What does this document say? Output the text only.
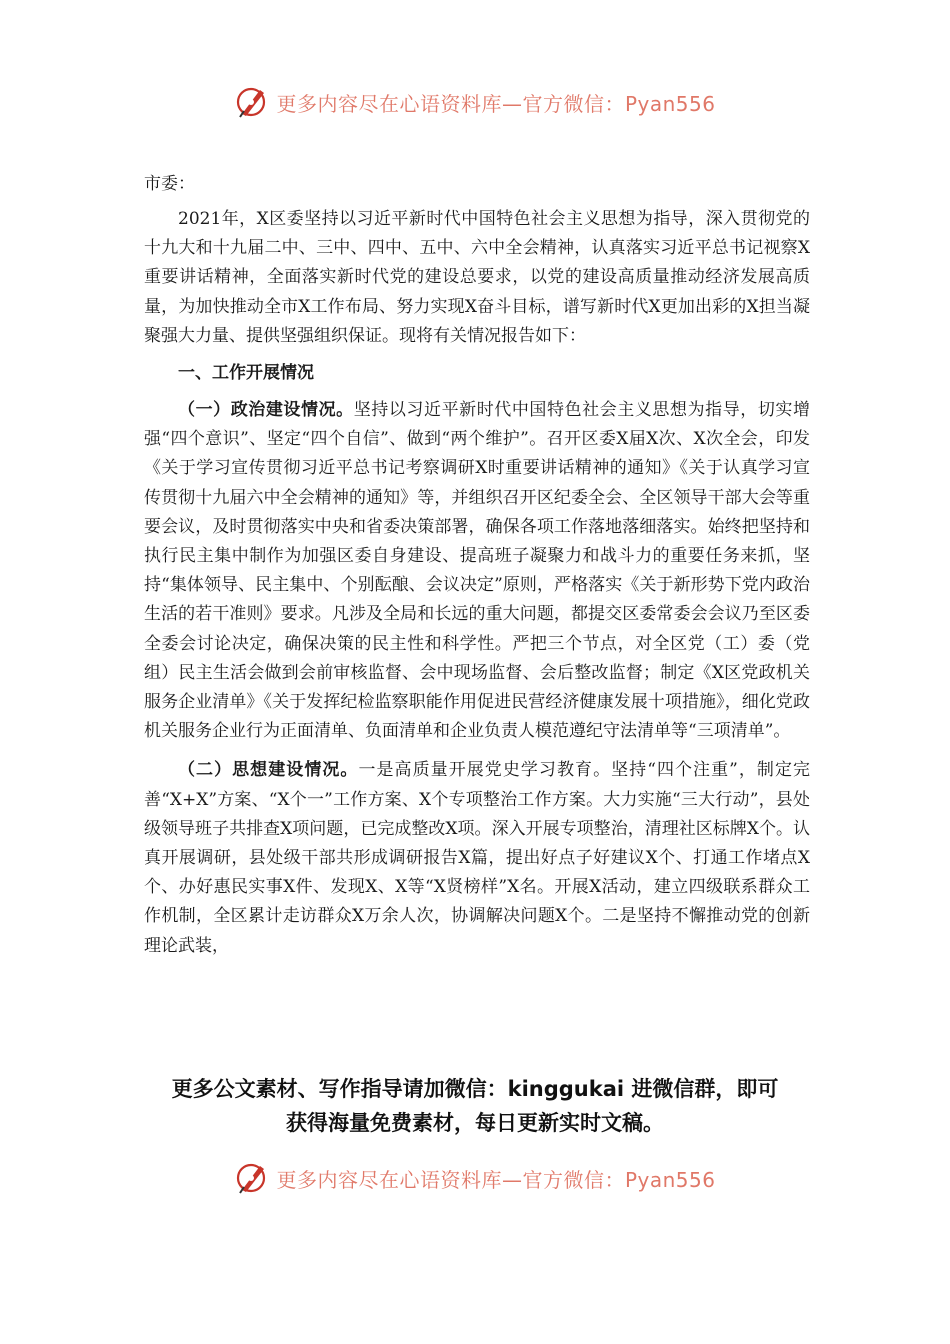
更多内容尽在心语资料库—官方微信：Pyan556

市委：

2021年，X区委坚持以习近平新时代中国特色社会主义思想为指导，深入贯彻党的十九大和十九届二中、三中、四中、五中、六中全会精神，认真落实习近平总书记视察X重要讲话精神，全面落实新时代党的建设总要求，以党的建设高质量推动经济发展高质量，为加快推动全市X工作布局、努力实现X奋斗目标，谱写新时代X更加出彩的X担当凝聚强大力量、提供坚强组织保证。现将有关情况报告如下：

一、工作开展情况

（一）政治建设情况。坚持以习近平新时代中国特色社会主义思想为指导，切实增强“四个意识”、坚定“四个自信”、做到“两个维护”。召开区委X届X次、X次全会，印发《关于学习宣传贯彻习近平总书记考察调研X时重要讲话精神的通知》《关于认真学习宣传贯彻十九届六中全会精神的通知》等，并组织召开区纪委全会、全区领导干部大会等重要会议，及时贯彻落实中央和省委决策部署，确保各项工作落地落细落实。始终把坚持和执行民主集中制作为加强区委自身建设、提高班子凝聚力和战斗力的重要任务来抓，坚持“集体领导、民主集中、个别酝酿、会议决定”原则，严格落实《关于新形势下党内政治生活的若干准则》要求。凡涉及全局和长远的重大问题，都提交区委常委会会议乃至区委全委会讨论决定，确保决策的民主性和科学性。严把三个节点，对全区党（工）委（党组）民主生活会做到会前审核监督、会中现场监督、会后整改监督；制定《X区党政机关服务企业清单》《关于发挥纪检监察职能作用促进民营经济健康发展十项措施》，细化党政机关服务企业行为正面清单、负面清单和企业负责人模范遵纪守法清单等“三项清单”。

（二）思想建设情况。一是高质量开展党史学习教育。坚持“四个注重”，制定完善“X+X”方案、“X个一”工作方案、X个专项整治工作方案。大力实施“三大行动”，县处级领导班子共排查X项问题，已完成整改X项。深入开展专项整治，清理社区标牌X个。认真开展调研，县处级干部共形成调研报告X篇，提出好点子好建议X个、打通工作堵点X个、办好惠民实事X件、发现X、X等“X贤榜样”X名。开展X活动，建立四级联系群众工作机制，全区累计走访群众X万余人次，协调解决问题X个。二是坚持不懈推动党的创新理论武装，

更多公文素材、写作指导请加微信：kinggukai 进微信群，即可
获得海量免费素材，每日更新实时文稿。
更多内容尽在心语资料库—官方微信：Pyan556
